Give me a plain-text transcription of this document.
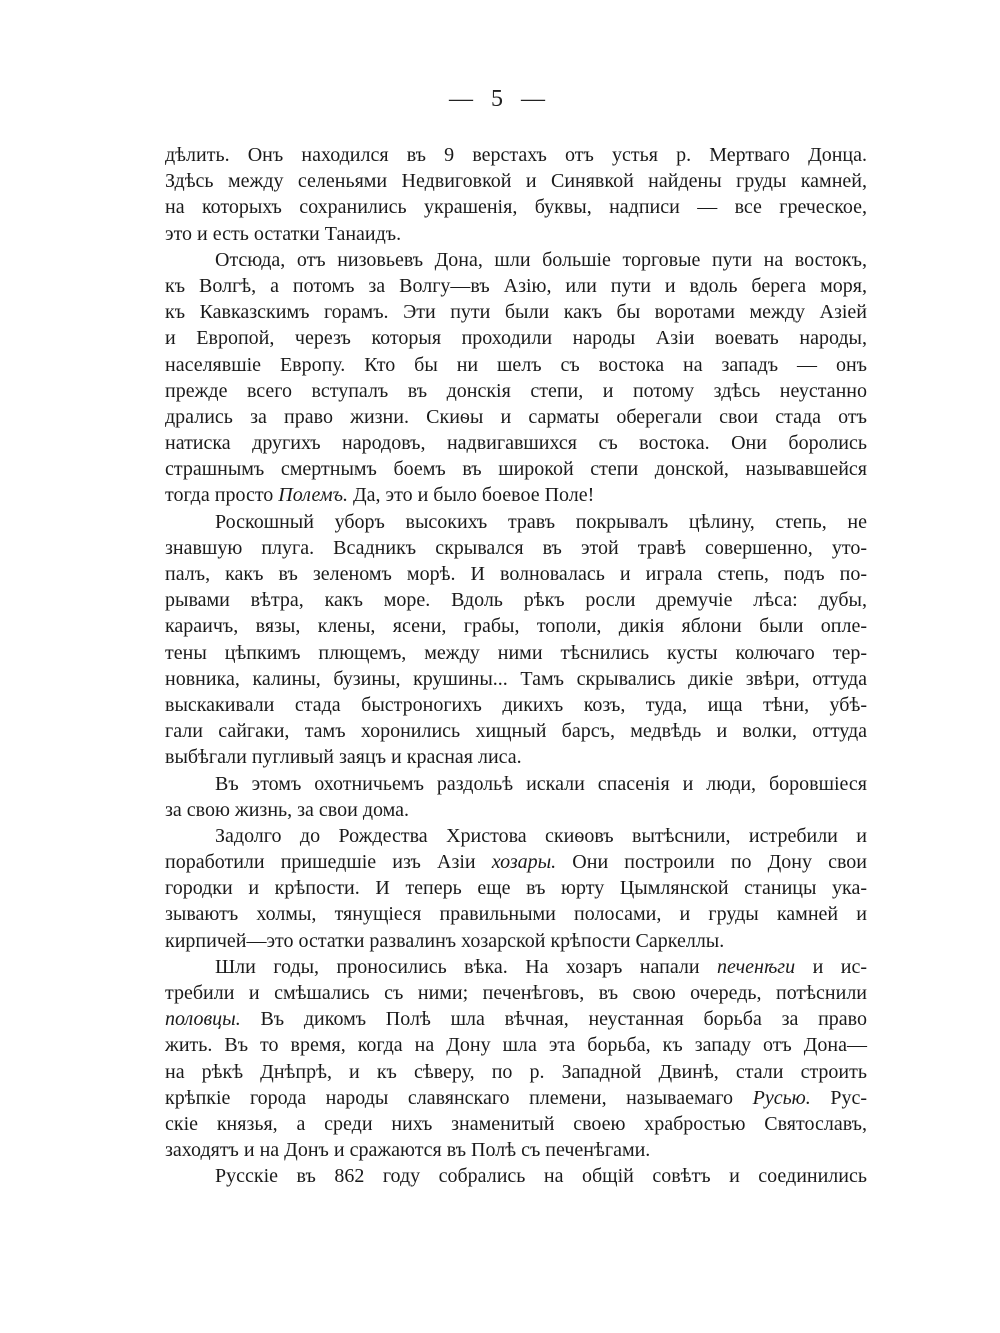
— 5 —
дѣлить. Онъ находился въ 9 верстахъ отъ устья р. Мертваго Донца.
Здѣсь между селеньями Недвиговкой и Синявкой найдены груды камней,
на которыхъ сохранились украшенія, буквы, надписи — все греческое,
это и есть остатки Танаидъ.
Отсюда, отъ низовьевъ Дона, шли большіе торговые пути на востокъ,
къ Волгѣ, а потомъ за Волгу—въ Азію, или пути и вдоль берега моря,
къ Кавказскимъ горамъ. Эти пути были какъ бы воротами между Азіей
и Европой, черезъ которыя проходили народы Азіи воевать народы,
населявшіе Европу. Кто бы ни шелъ съ востока на западъ — онъ
прежде всего вступалъ въ донскія степи, и потому здѣсь неустанно
дрались за право жизни. Скиѳы и сарматы оберегали свои стада отъ
натиска другихъ народовъ, надвигавшихся съ востока. Они боролись
страшнымъ смертнымъ боемъ въ широкой степи донской, называвшейся
тогда просто Полемъ. Да, это и было боевое Поле!
Роскошный уборъ высокихъ травъ покрывалъ цѣлину, степь, не
знавшую плуга. Всадникъ скрывался въ этой травѣ совершенно, уто-
палъ, какъ въ зеленомъ морѣ. И волновалась и играла степь, подъ по-
рывами вѣтра, какъ море. Вдоль рѣкъ росли дремучіе лѣса: дубы,
караичъ, вязы, клены, ясени, грабы, тополи, дикія яблони были опле-
тены цѣпкимъ плющемъ, между ними тѣснились кусты колючаго тер-
новника, калины, бузины, крушины... Тамъ скрывались дикіе звѣри, оттуда
выскакивали стада быстроногихъ дикихъ козъ, туда, ища тѣни, убѣ-
гали сайгаки, тамъ хоронились хищный барсъ, медвѣдь и волки, оттуда
выбѣгали пугливый заяцъ и красная лиса.
Въ этомъ охотничьемъ раздольѣ искали спасенія и люди, боровшіеся
за свою жизнь, за свои дома.
Задолго до Рождества Христова скиѳовъ вытѣснили, истребили и
поработили пришедшіе изъ Азіи хозары. Они построили по Дону свои
городки и крѣпости. И теперь еще въ юрту Цымлянской станицы ука-
зываютъ холмы, тянущіеся правильными полосами, и груды камней и
кирпичей—это остатки развалинъ хозарской крѣпости Саркеллы.
Шли годы, проносились вѣка. На хозаръ напали печенѣги и ис-
требили и смѣшались съ ними; печенѣговъ, въ свою очередь, потѣснили
половцы. Въ дикомъ Полѣ шла вѣчная, неустанная борьба за право
жить. Въ то время, когда на Дону шла эта борьба, къ западу отъ Дона—
на рѣкѣ Днѣпрѣ, и къ сѣверу, по р. Западной Двинѣ, стали строить
крѣпкіе города народы славянскаго племени, называемаго Русью. Рус-
скіе князья, а среди нихъ знаменитый своею храбростью Святославъ,
заходятъ и на Донъ и сражаются въ Полѣ съ печенѣгами.
Русскіе въ 862 году собрались на общій совѣтъ и соединились
